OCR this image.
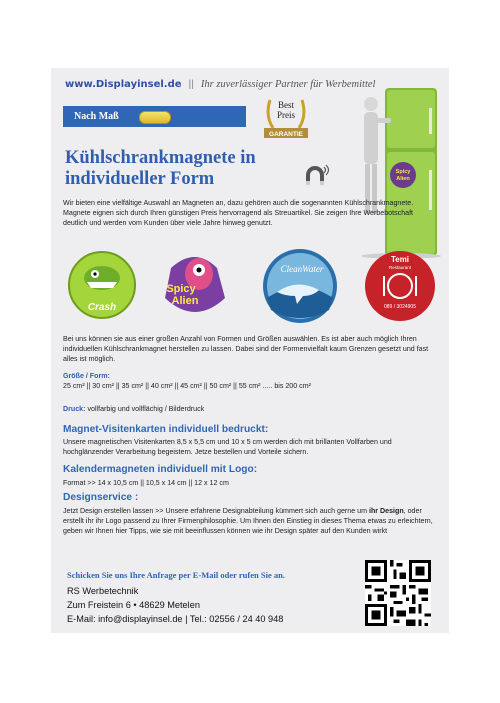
www.Displayinsel.de || Ihr zuverlässiger Partner für Werbemittel
Nach Maß
Best
Preis
GARANTIE
Kühlschrankmagnete in
individueller Form	Spicy
Alien
Wir bieten eine vielfältige Auswahl an Magneten an, dazu gehören auch die sogenannten Kühlschrankmagnete. Magnete eignen sich durch Ihren günstigen Preis hervorragend als Streuartikel. Sie zeigen Ihre Werbebotschaft deutlich und werden vom Kunden über viele Jahre hinweg genutzt.
Crash
Spicy
Alien
CleanWater
Temi
Restaurant
089 / 3024905

Bei uns können sie aus einer großen Anzahl von Formen und Größen auswählen. Es ist aber auch möglich Ihren individuellen Kühlschrankmagnet herstellen zu lassen. Dabei sind der Formenvielfalt kaum Grenzen gesetzt und fast alles ist möglich.

Größe / Form:
25 cm² || 30 cm² || 35 cm² || 40 cm² || 45 cm² || 50 cm² || 55 cm² ..... bis 200 cm²

Druck: vollfarbig und vollflächig / Bilderdruck

Magnet-Visitenkarten individuell bedruckt:

Unsere magnetischen Visitenkarten 8,5 x 5,5 cm und 10 x 5 cm werden dich mit brillanten Vollfarben und hochglänzender Verarbeitung begeistern. Jetze bestellen und Vorteile sichern.

Kalendermagneten individuell mit Logo:

Format >> 14 x 10,5 cm || 10,5 x 14 cm || 12 x 12 cm

Designservice :

Jetzt Design erstellen lassen >> Unsere erfahrene Designabteilung kümmert sich auch gerne um ihr Design, oder erstellt ihr ihr Logo passend zu Ihrer Firmenphilosophie. Um Ihnen den Einstieg in dieses Thema etwas zu erleichtern, geben wir Ihnen hier Tipps, wie sie mit beeinflussen können wie ihr Design später auf den Kunden wirkt

Schicken Sie uns Ihre Anfrage per E-Mail oder rufen Sie an.
RS Werbetechnik
Zum Freistein 6 • 48629 Metelen
E-Mail: info@displayinsel.de | Tel.: 02556 / 24 40 948
